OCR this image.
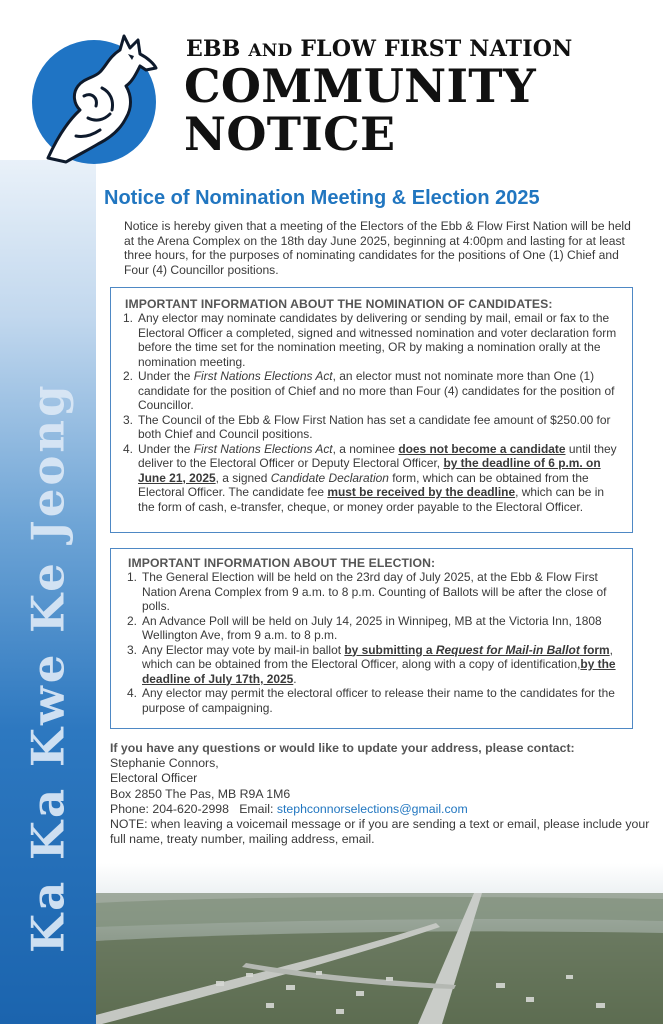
Ka Ka Kwe Ke Jeong
EBB AND FLOW FIRST NATION
COMMUNITY
NOTICE
Notice of Nomination Meeting & Election 2025

Notice is hereby given that a meeting of the Electors of the Ebb & Flow First Nation will be held at the Arena Complex on the 18th day June 2025, beginning at 4:00pm and lasting for at least three hours, for the purposes of nominating candidates for the positions of One (1) Chief and Four (4) Councillor positions.

IMPORTANT INFORMATION ABOUT THE NOMINATION OF CANDIDATES:
1. Any elector may nominate candidates by delivering or sending by mail, email or fax to the Electoral Officer a completed, signed and witnessed nomination and voter declaration form before the time set for the nomination meeting, OR by making a nomination orally at the nomination meeting.
2. Under the First Nations Elections Act, an elector must not nominate more than One (1) candidate for the position of Chief and no more than Four (4) candidates for the position of Councillor.
3. The Council of the Ebb & Flow First Nation has set a candidate fee amount of $250.00 for both Chief and Council positions.
4. Under the First Nations Elections Act, a nominee does not become a candidate until they deliver to the Electoral Officer or Deputy Electoral Officer, by the deadline of 6 p.m. on June 21, 2025, a signed Candidate Declaration form, which can be obtained from the Electoral Officer. The candidate fee must be received by the deadline, which can be in the form of cash, e-transfer, cheque, or money order payable to the Electoral Officer.
IMPORTANT INFORMATION ABOUT THE ELECTION:
1. The General Election will be held on the 23rd day of July 2025, at the Ebb & Flow First Nation Arena Complex from 9 a.m. to 8 p.m. Counting of Ballots will be after the close of polls.
2. An Advance Poll will be held on July 14, 2025 in Winnipeg, MB at the Victoria Inn, 1808 Wellington Ave, from 9 a.m. to 8 p.m.
3. Any Elector may vote by mail-in ballot by submitting a Request for Mail-in Ballot form, which can be obtained from the Electoral Officer, along with a copy of identification,by the deadline of July 17th, 2025.
4. Any elector may permit the electoral officer to release their name to the candidates for the purpose of campaigning.
If you have any questions or would like to update your address, please contact:
Stephanie Connors,
Electoral Officer
Box 2850 The Pas, MB R9A 1M6
Phone: 204-620-2998 Email: stephconnorselections@gmail.com
NOTE: when leaving a voicemail message or if you are sending a text or email, please include your full name, treaty number, mailing address, email.
